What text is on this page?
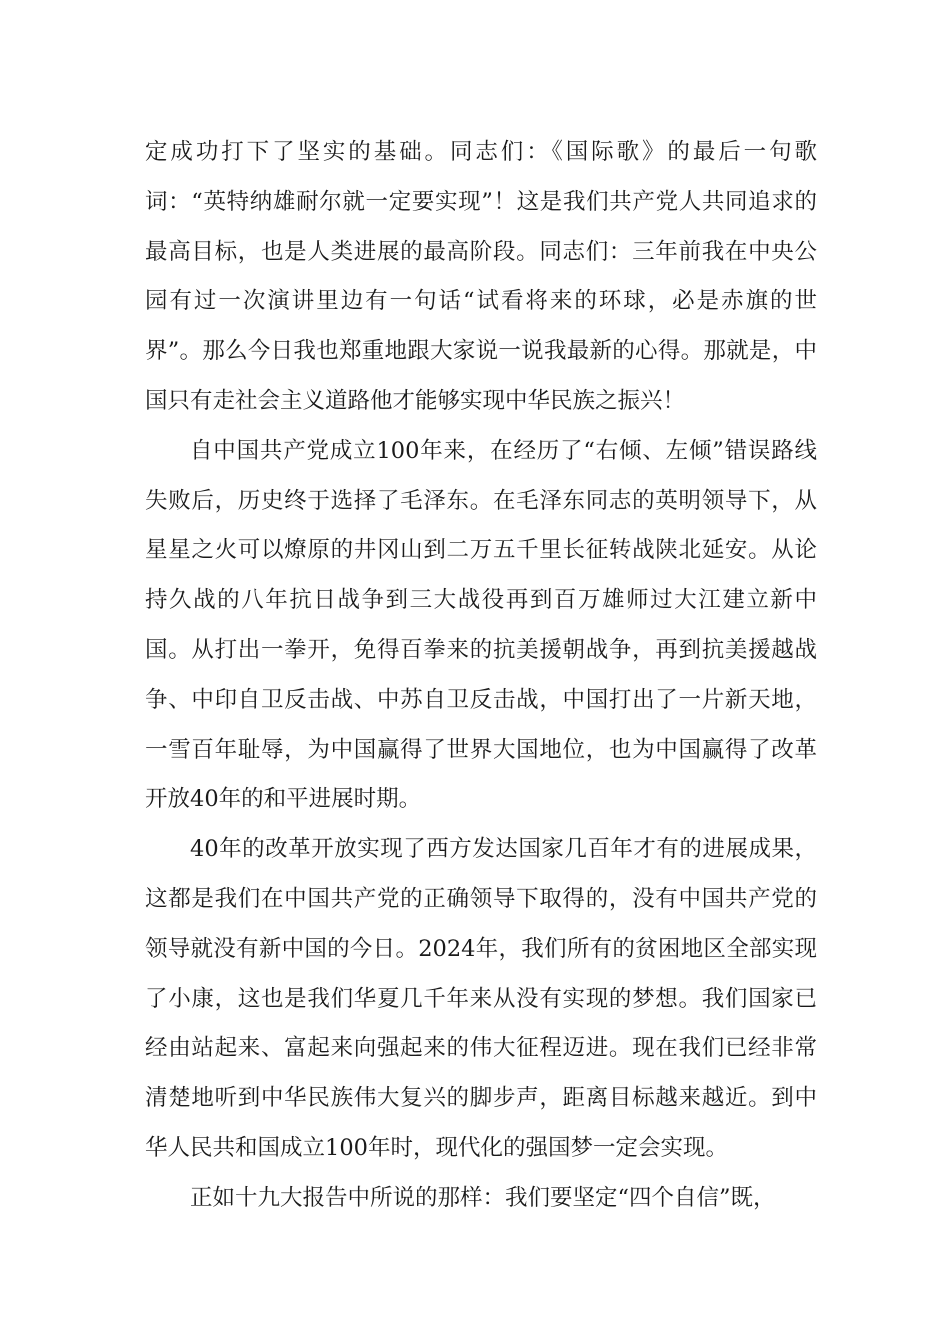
定成功打下了坚实的基础。同志们：《国际歌》的最后一句歌词：“英特纳雄耐尔就一定要实现”！这是我们共产党人共同追求的最高目标，也是人类进展的最高阶段。同志们：三年前我在中央公园有过一次演讲里边有一句话“试看将来的环球，必是赤旗的世界”。那么今日我也郑重地跟大家说一说我最新的心得。那就是，中国只有走社会主义道路他才能够实现中华民族之振兴！

自中国共产党成立100年来，在经历了“右倾、左倾”错误路线失败后，历史终于选择了毛泽东。在毛泽东同志的英明领导下，从星星之火可以燎原的井冈山到二万五千里长征转战陕北延安。从论持久战的八年抗日战争到三大战役再到百万雄师过大江建立新中国。从打出一拳开，免得百拳来的抗美援朝战争，再到抗美援越战争、中印自卫反击战、中苏自卫反击战，中国打出了一片新天地，一雪百年耻辱，为中国赢得了世界大国地位，也为中国赢得了改革开放40年的和平进展时期。

40年的改革开放实现了西方发达国家几百年才有的进展成果，这都是我们在中国共产党的正确领导下取得的，没有中国共产党的领导就没有新中国的今日。2024年，我们所有的贫困地区全部实现了小康，这也是我们华夏几千年来从没有实现的梦想。我们国家已经由站起来、富起来向强起来的伟大征程迈进。现在我们已经非常清楚地听到中华民族伟大复兴的脚步声，距离目标越来越近。到中华人民共和国成立100年时，现代化的强国梦一定会实现。

正如十九大报告中所说的那样：我们要坚定“四个自信”既，
